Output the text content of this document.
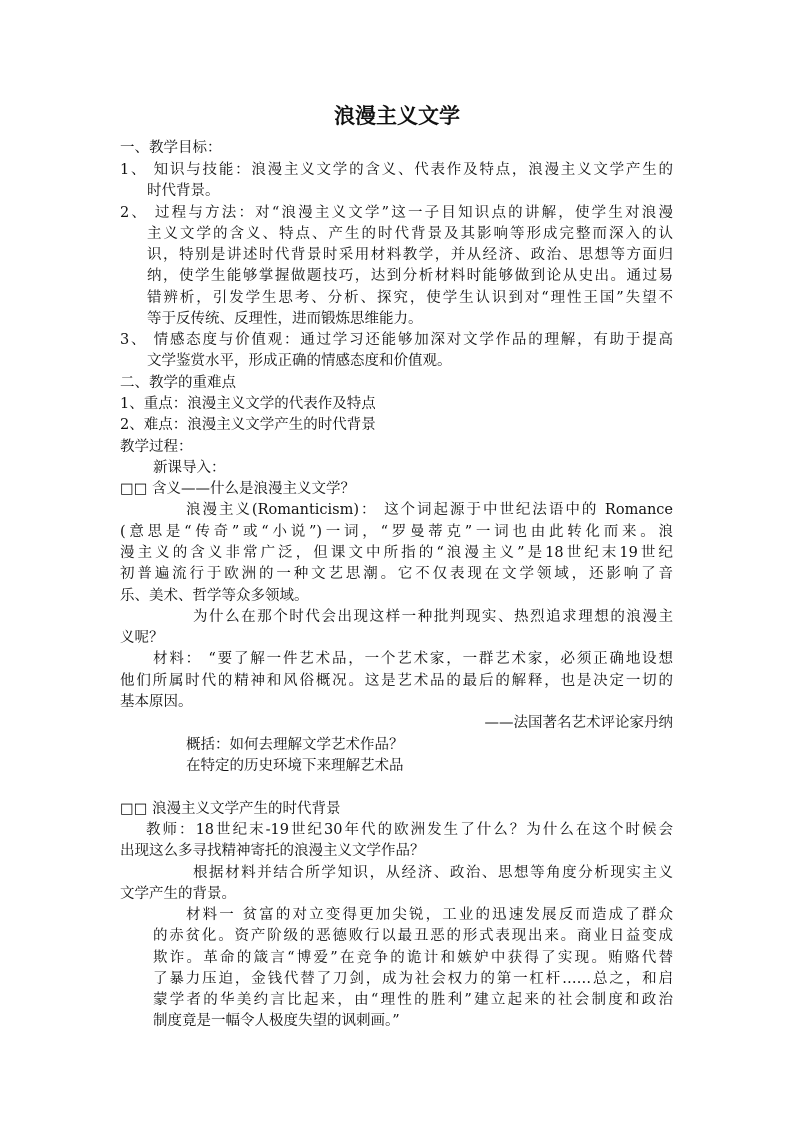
浪漫主义文学
一、教学目标：
1、 知识与技能：浪漫主义文学的含义、代表作及特点，浪漫主义文学产生的
时代背景。
2、 过程与方法：对“浪漫主义文学”这一子目知识点的讲解，使学生对浪漫
主义文学的含义、特点、产生的时代背景及其影响等形成完整而深入的认
识，特别是讲述时代背景时采用材料教学，并从经济、政治、思想等方面归
纳，使学生能够掌握做题技巧，达到分析材料时能够做到论从史出。通过易
错辨析，引发学生思考、分析、探究，使学生认识到对“理性王国”失望不
等于反传统、反理性，进而锻炼思维能力。
3、 情感态度与价值观：通过学习还能够加深对文学作品的理解，有助于提高
文学鉴赏水平，形成正确的情感态度和价值观。
二、教学的重难点
1、重点：浪漫主义文学的代表作及特点
2、难点：浪漫主义文学产生的时代背景
教学过程：
新课导入：
□□ 含义——什么是浪漫主义文学？
浪漫主义(Romanticism)： 这个词起源于中世纪法语中的 Romance
(意思是“传奇”或“小说”)一词，“罗曼蒂克”一词也由此转化而来。浪
漫主义的含义非常广泛，但课文中所指的“浪漫主义”是18世纪末19世纪
初普遍流行于欧洲的一种文艺思潮。它不仅表现在文学领域，还影响了音
乐、美术、哲学等众多领域。
为什么在那个时代会出现这样一种批判现实、热烈追求理想的浪漫主
义呢？
材料： “要了解一件艺术品，一个艺术家，一群艺术家，必须正确地设想
他们所属时代的精神和风俗概况。这是艺术品的最后的解释，也是决定一切的
基本原因。
——法国著名艺术评论家丹纳
概括：如何去理解文学艺术作品？
在特定的历史环境下来理解艺术品
□□ 浪漫主义文学产生的时代背景
教师：18世纪末-19世纪30年代的欧洲发生了什么？为什么在这个时候会
出现这么多寻找精神寄托的浪漫主义文学作品？
根据材料并结合所学知识，从经济、政治、思想等角度分析现实主义
文学产生的背景。
材料一 贫富的对立变得更加尖锐，工业的迅速发展反而造成了群众
的赤贫化。资产阶级的恶德败行以最丑恶的形式表现出来。商业日益变成
欺诈。革命的箴言“博爱”在竞争的诡计和嫉妒中获得了实现。贿赂代替
了暴力压迫，金钱代替了刀剑，成为社会权力的第一杠杆……总之，和启
蒙学者的华美约言比起来，由“理性的胜利”建立起来的社会制度和政治
制度竟是一幅令人极度失望的讽刺画。”
